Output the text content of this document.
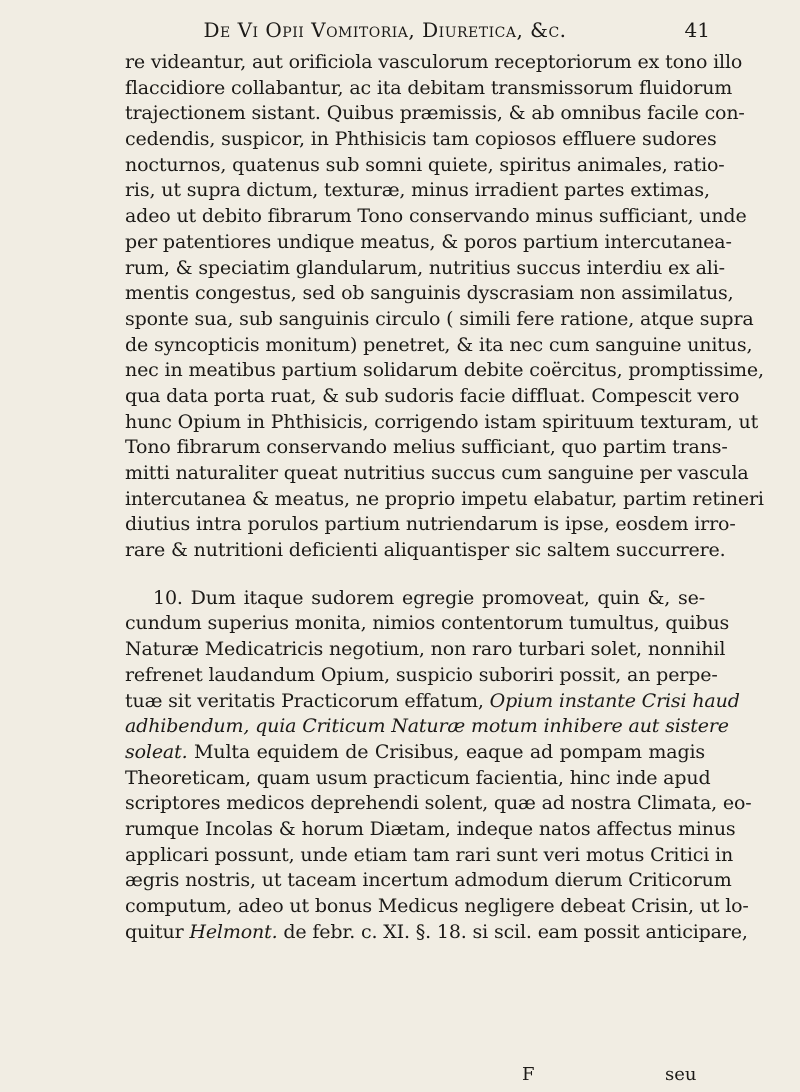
De Vi Opii Vomitoria, Diuretica, &c.	41
re videantur, aut orificiola vasculorum receptoriorum ex tono illo
flaccidiore collabantur, ac ita debitam transmissorum fluidorum
trajectionem sistant. Quibus præmissis, & ab omnibus facile con-
cedendis, suspicor, in Phthisicis tam copiosos effluere sudores
nocturnos, quatenus sub somni quiete, spiritus animales, ratio-
ris, ut supra dictum, texturæ, minus irradient partes extimas,
adeo ut debito fibrarum Tono conservando minus sufficiant, unde
per patentiores undique meatus, & poros partium intercutanea-
rum, & speciatim glandularum, nutritius succus interdiu ex ali-
mentis congestus, sed ob sanguinis dyscrasiam non assimilatus,
sponte sua, sub sanguinis circulo ( simili fere ratione, atque supra
de syncopticis monitum) penetret, & ita nec cum sanguine unitus,
nec in meatibus partium solidarum debite coërcitus, promptissime,
qua data porta ruat, & sub sudoris facie diffluat. Compescit vero
hunc Opium in Phthisicis, corrigendo istam spirituum texturam, ut
Tono fibrarum conservando melius sufficiant, quo partim trans-
mitti naturaliter queat nutritius succus cum sanguine per vascula
intercutanea & meatus, ne proprio impetu elabatur, partim retineri
diutius intra porulos partium nutriendarum is ipse, eosdem irro-
rare & nutritioni deficienti aliquantisper sic saltem succurrere.
10. Dum itaque sudorem egregie promoveat, quin &, se-
cundum superius monita, nimios contentorum tumultus, quibus
Naturæ Medicatricis negotium, non raro turbari solet, nonnihil
refrenet laudandum Opium, suspicio suboriri possit, an perpe-
tuæ sit veritatis Practicorum effatum, Opium instante Crisi haud
adhibendum, quia Criticum Naturæ motum inhibere aut sistere
soleat. Multa equidem de Crisibus, eaque ad pompam magis
Theoreticam, quam usum practicum facientia, hinc inde apud
scriptores medicos deprehendi solent, quæ ad nostra Climata, eo-
rumque Incolas & horum Diætam, indeque natos affectus minus
applicari possunt, unde etiam tam rari sunt veri motus Critici in
ægris nostris, ut taceam incertum admodum dierum Criticorum
computum, adeo ut bonus Medicus negligere debeat Crisin, ut lo-
quitur Helmont. de febr. c. XI. §. 18. si scil. eam possit anticipare,
F	seu
